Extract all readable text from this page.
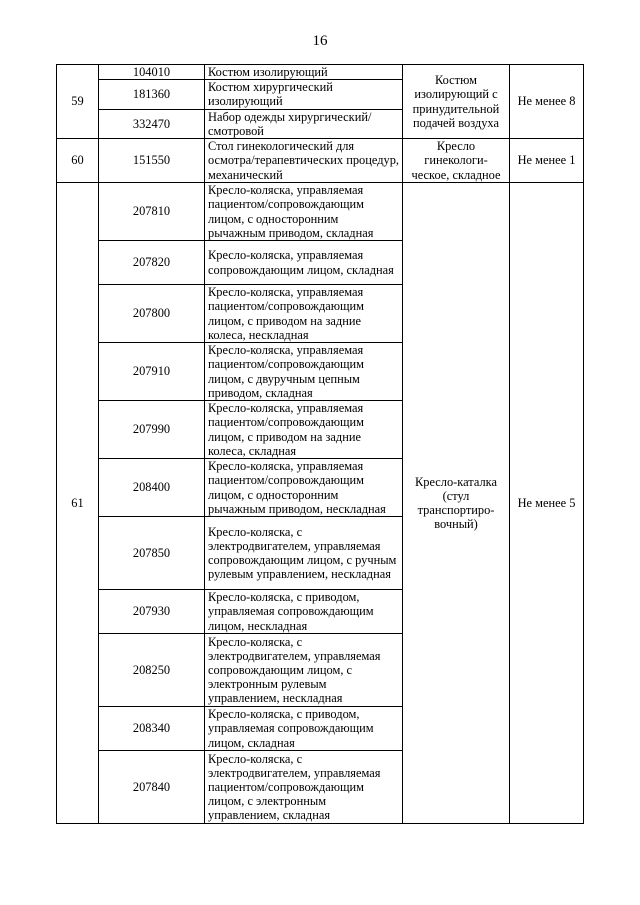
16
59	104010	Костюм изолирующий	Костюм изолирующий с принудительной подачей воздуха	Не менее 8
	181360	Костюм хирургический изолирующий		
	332470	Набор одежды хирургический/смотровой		
60	151550	Стол гинекологический для осмотра/терапевтических процедур, механический	Кресло гинекологи-ческое, складное	Не менее 1
61	207810	Кресло-коляска, управляемая пациентом/сопровождающим лицом, с односторонним рычажным приводом, складная	Кресло-каталка (стул транспортиро-вочный)	Не менее 5
	207820	Кресло-коляска, управляемая сопровождающим лицом, складная		
	207800	Кресло-коляска, управляемая пациентом/сопровождающим лицом, с приводом на задние колеса, нескладная		
	207910	Кресло-коляска, управляемая пациентом/сопровождающим лицом, с двуручным цепным приводом, складная		
	207990	Кресло-коляска, управляемая пациентом/сопровождающим лицом, с приводом на задние колеса, складная		
	208400	Кресло-коляска, управляемая пациентом/сопровождающим лицом, с односторонним рычажным приводом, нескладная		
	207850	Кресло-коляска, с электродвигателем, управляемая сопровождающим лицом, с ручным рулевым управлением, нескладная		
	207930	Кресло-коляска, с приводом, управляемая сопровождающим лицом, нескладная		
	208250	Кресло-коляска, с электродвигателем, управляемая сопровождающим лицом, с электронным рулевым управлением, нескладная		
	208340	Кресло-коляска, с приводом, управляемая сопровождающим лицом, складная		
	207840	Кресло-коляска, с электродвигателем, управляемая пациентом/сопровождающим лицом, с электронным управлением, складная		
